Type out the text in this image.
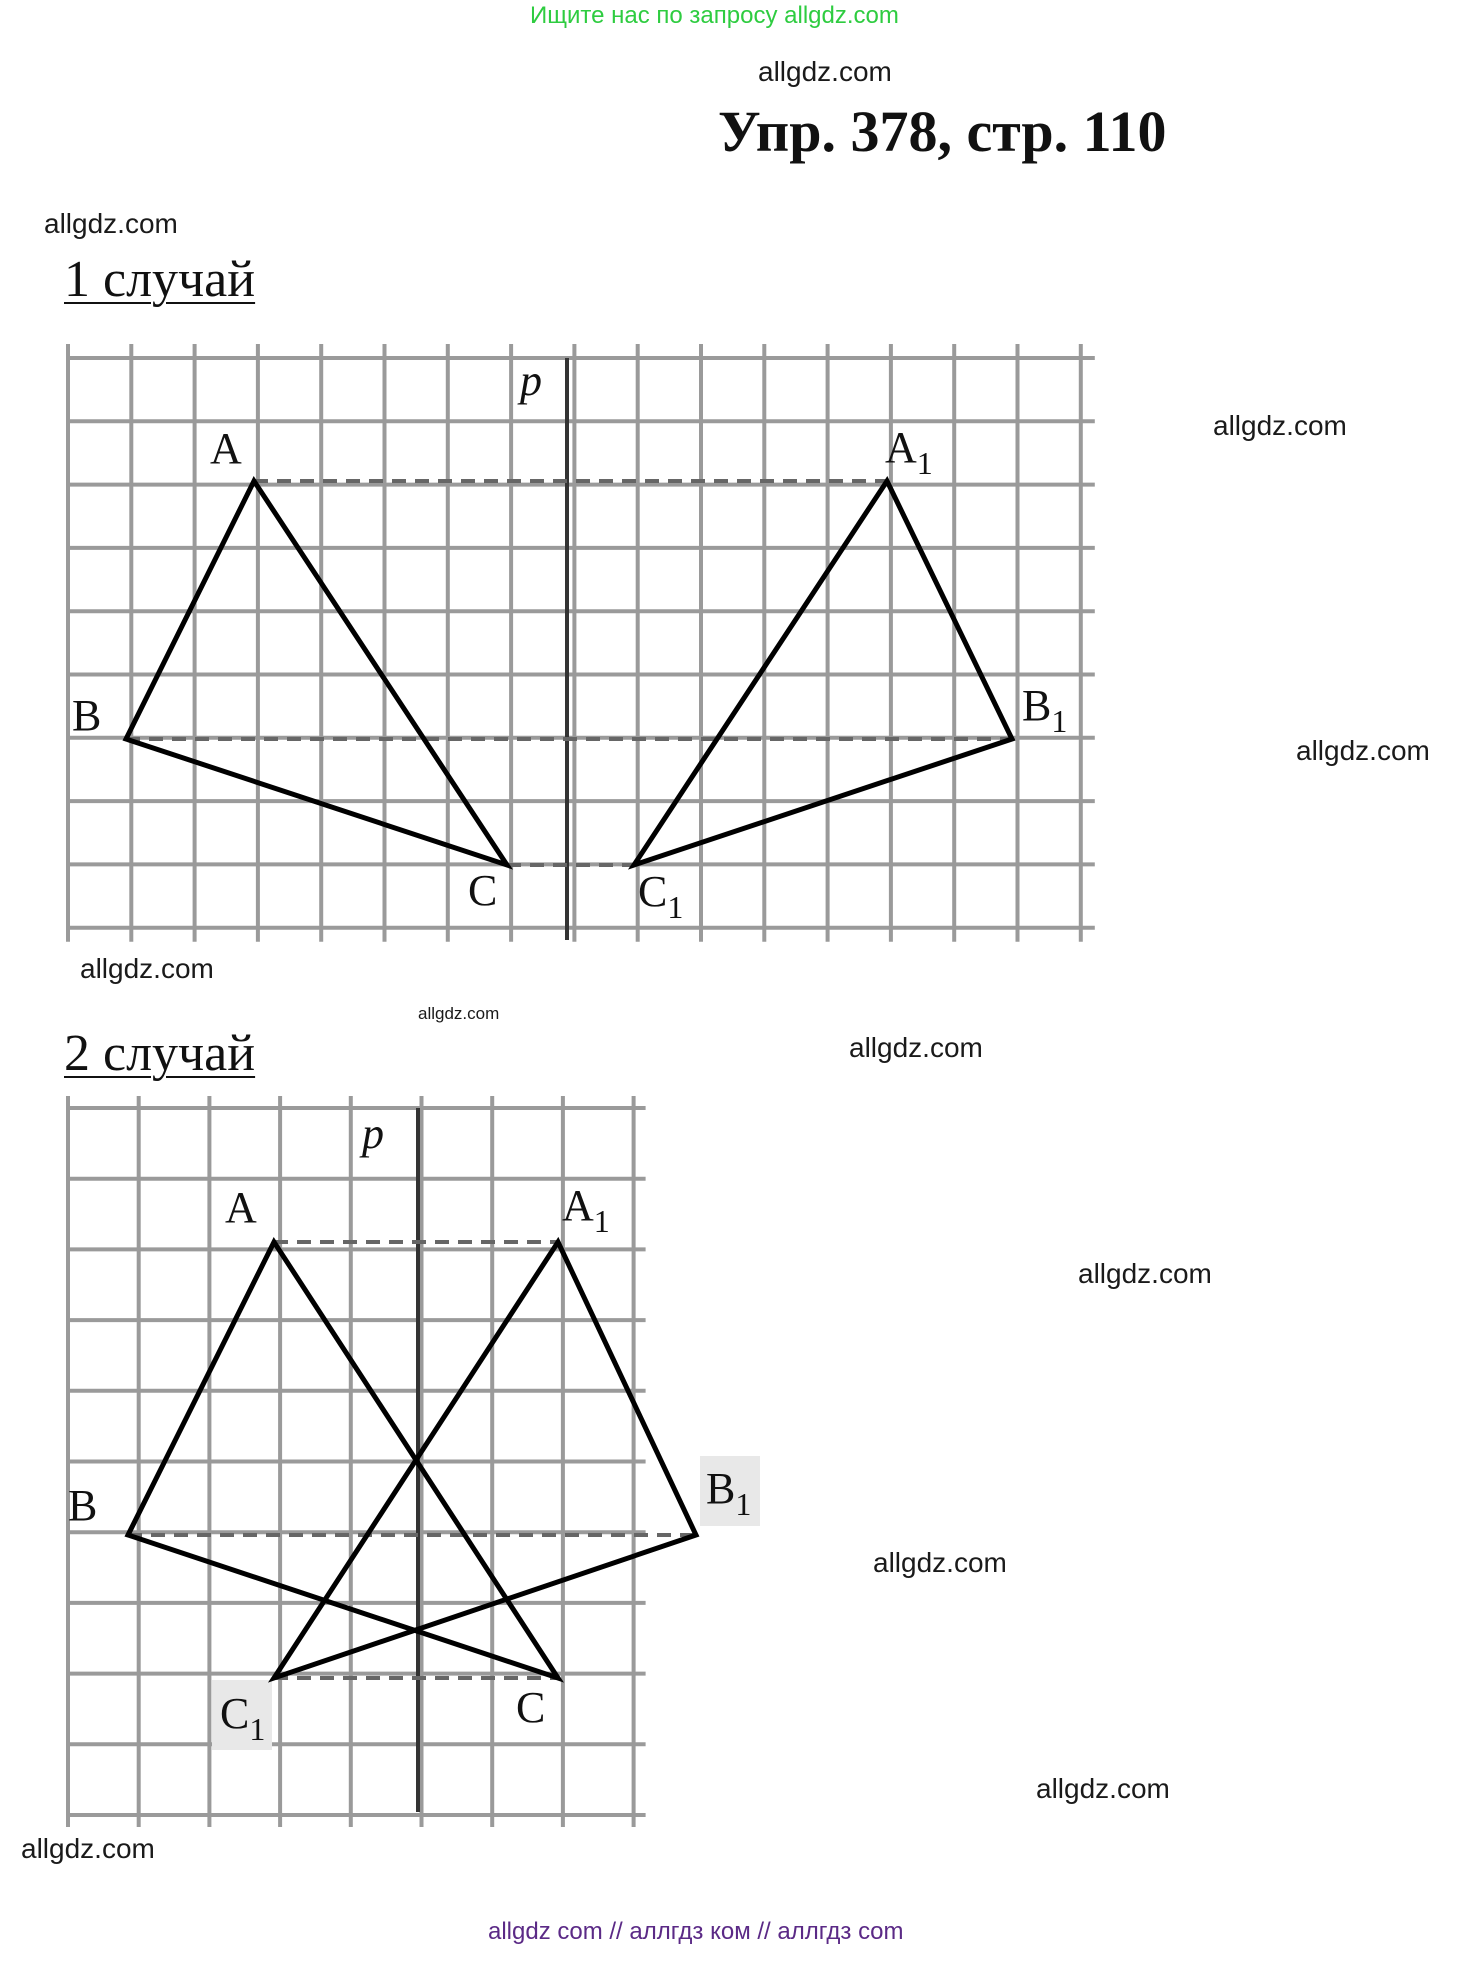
Ищите нас по запросу allgdz.com
allgdz.com
allgdz.com
allgdz.com
allgdz.com
allgdz.com
allgdz.com
allgdz.com
allgdz.com
allgdz.com
allgdz.com
allgdz.com
Упр. 378, стр. 110
1 случай
2 случай
p
A
B
C
$A_1$
$B_1$
$C_1$
p
A
B
C
$A_1$
$B_1$
$C_1$
allgdz com // аллгдз ком // аллгдз com
